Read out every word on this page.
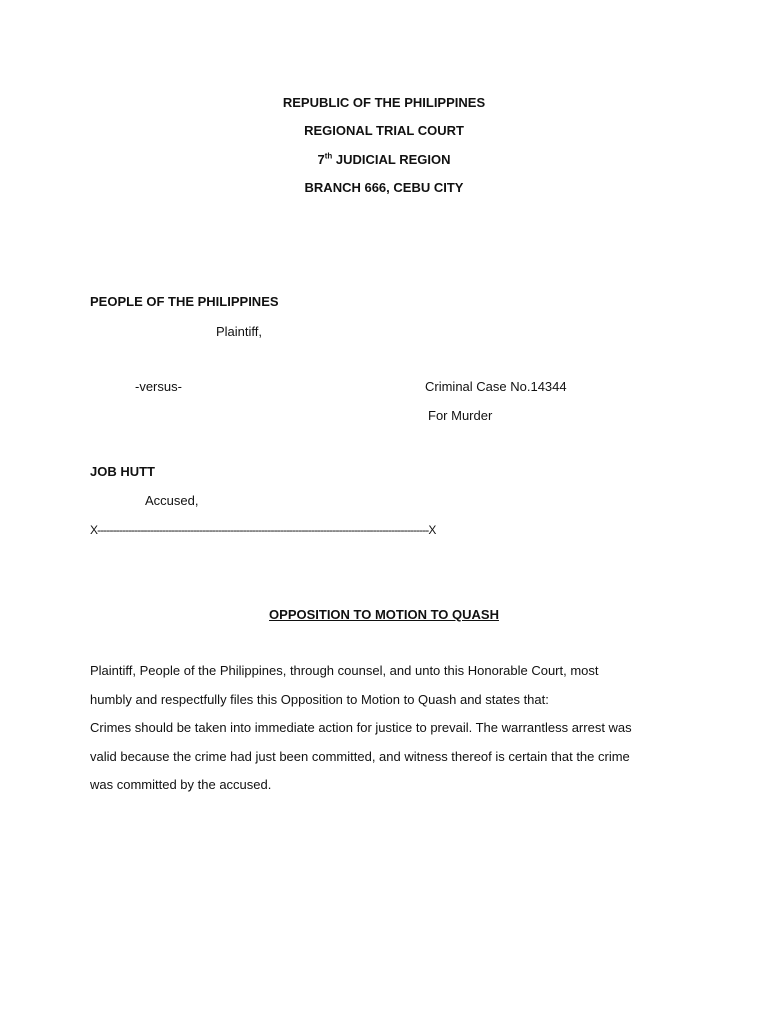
REPUBLIC OF THE PHILIPPINES
REGIONAL TRIAL COURT
7th JUDICIAL REGION
BRANCH 666, CEBU CITY
PEOPLE OF THE PHILIPPINES
Plaintiff,
-versus-	Criminal Case No.14344
For Murder
JOB HUTT
Accused,
X-----------------------------------------------------------------------------------------------------------X
OPPOSITION TO MOTION TO QUASH
Plaintiff, People of the Philippines, through counsel, and unto this Honorable Court, most
humbly and respectfully files this Opposition to Motion to Quash and states that:
Crimes should be taken into immediate action for justice to prevail. The warrantless arrest was
valid because the crime had just been committed, and witness thereof is certain that the crime
was committed by the accused.
